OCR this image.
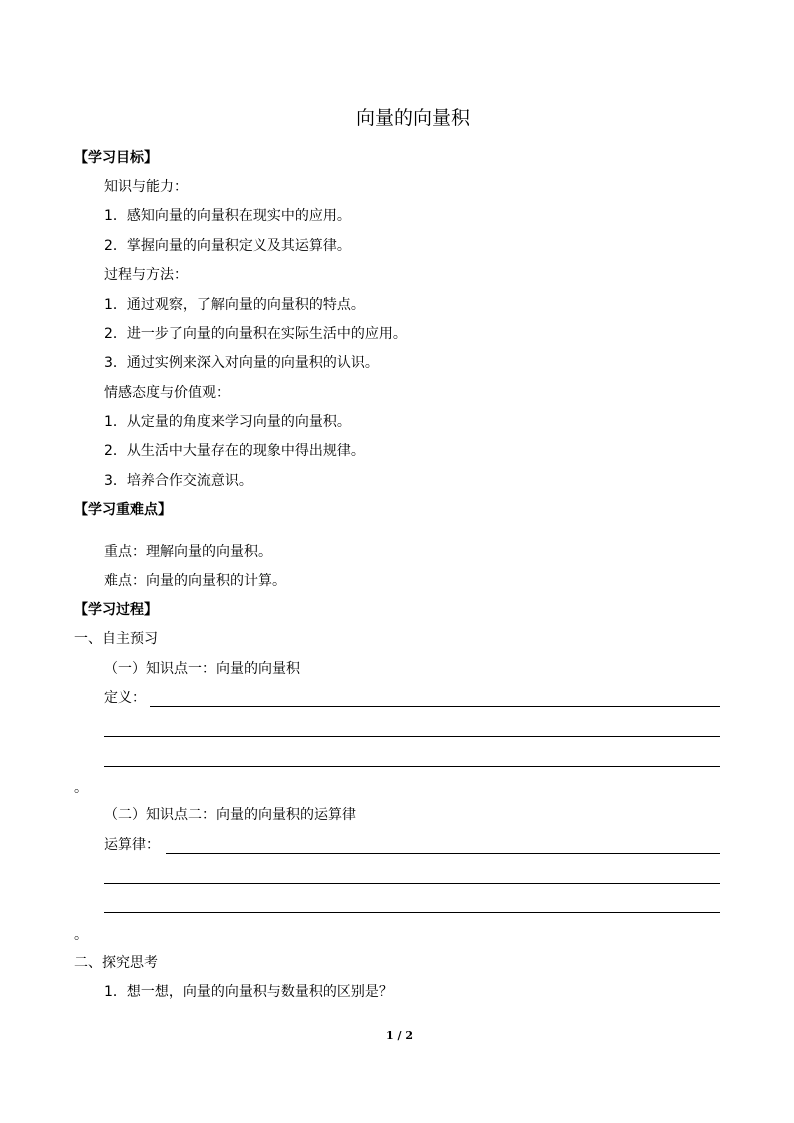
向量的向量积
【学习目标】
知识与能力：
1．感知向量的向量积在现实中的应用。
2．掌握向量的向量积定义及其运算律。
过程与方法：
1．通过观察，了解向量的向量积的特点。
2．进一步了向量的向量积在实际生活中的应用。
3．通过实例来深入对向量的向量积的认识。
情感态度与价值观：
1．从定量的角度来学习向量的向量积。
2．从生活中大量存在的现象中得出规律。
3．培养合作交流意识。
【学习重难点】
重点：理解向量的向量积。
难点：向量的向量积的计算。
【学习过程】
一、自主预习
（一）知识点一：向量的向量积
定义：
。
（二）知识点二：向量的向量积的运算律
运算律：
。
二、探究思考
1．想一想，向量的向量积与数量积的区别是？
1 / 2
